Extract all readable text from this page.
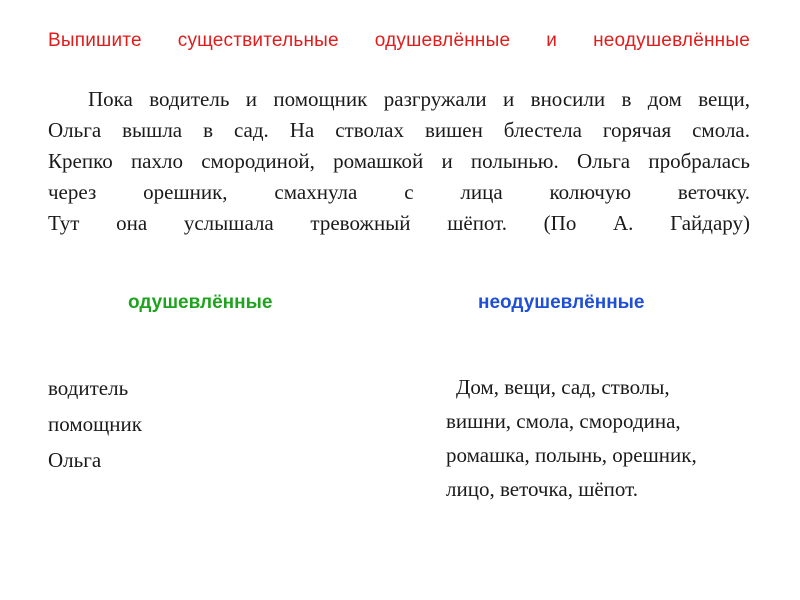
Выпишите существительные одушевлённые и неодушевлённые
Пока водитель и помощник разгружали и вносили в дом вещи,
Ольга вышла в сад. На стволах вишен блестела горячая смола.
Крепко пахло смородиной, ромашкой и полынью. Ольга пробралась
через орешник, смахнула с лица колючую веточку.
Тут она услышала тревожный шёпот. (По А. Гайдару)
одушевлённые	неодушевлённые
водитель
помощник
Ольга
Дом, вещи, сад, стволы,
вишни, смола, смородина,
ромашка, полынь, орешник,
лицо, веточка, шёпот.
